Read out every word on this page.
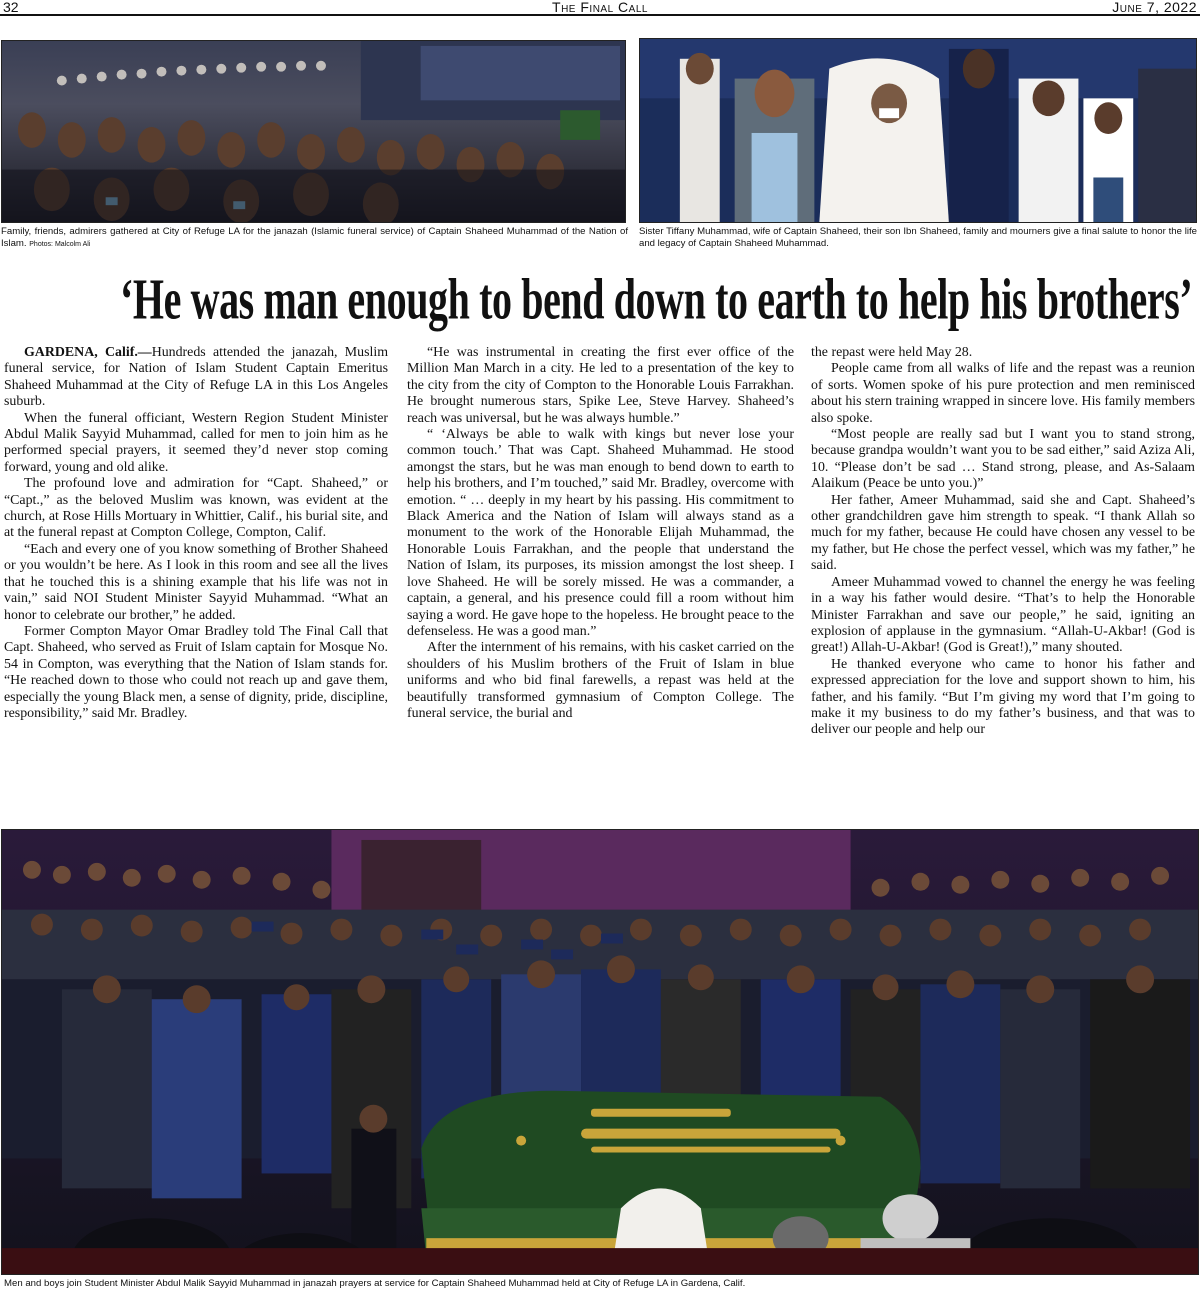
32	The Final Call	June 7, 2022
Family, friends, admirers gathered at City of Refuge LA for the janazah (Islamic funeral service) of Captain Shaheed Muhammad of the Nation of Islam. Photos: Malcolm Ali
Sister Tiffany Muhammad, wife of Captain Shaheed, their son Ibn Shaheed, family and mourners give a final salute to honor the life and legacy of Captain Shaheed Muhammad.
‘He was man enough to bend down to earth to help his brothers’

GARDENA, Calif.—Hundreds attended the janazah, Muslim funeral service, for Nation of Islam Student Captain Emeritus Shaheed Muhammad at the City of Refuge LA in this Los Angeles suburb.

When the funeral officiant, Western Region Student Minister Abdul Malik Sayyid Muhammad, called for men to join him as he performed special prayers, it seemed they’d never stop coming forward, young and old alike.

The profound love and admiration for “Capt. Shaheed,” or “Capt.,” as the beloved Muslim was known, was evident at the church, at Rose Hills Mortuary in Whittier, Calif., his burial site, and at the funeral repast at Compton College, Compton, Calif.

“Each and every one of you know something of Brother Shaheed or you wouldn’t be here. As I look in this room and see all the lives that he touched this is a shining example that his life was not in vain,” said NOI Student Minister Sayyid Muhammad. “What an honor to celebrate our brother,” he added.

Former Compton Mayor Omar Bradley told The Final Call that Capt. Shaheed, who served as Fruit of Islam captain for Mosque No. 54 in Compton, was everything that the Nation of Islam stands for. “He reached down to those who could not reach up and gave them, especially the young Black men, a sense of dignity, pride, discipline, responsibility,” said Mr. Bradley.

“He was instrumental in creating the first ever office of the Million Man March in a city. He led to a presentation of the key to the city from the city of Compton to the Honorable Louis Farrakhan. He brought numerous stars, Spike Lee, Steve Harvey. Shaheed’s reach was universal, but he was always humble.”

“ ‘Always be able to walk with kings but never lose your common touch.’ That was Capt. Shaheed Muhammad. He stood amongst the stars, but he was man enough to bend down to earth to help his brothers, and I’m touched,” said Mr. Bradley, overcome with emotion. “ … deeply in my heart by his passing. His commitment to Black America and the Nation of Islam will always stand as a monument to the work of the Honorable Elijah Muhammad, the Honorable Louis Farrakhan, and the people that understand the Nation of Islam, its purposes, its mission amongst the lost sheep. I love Shaheed. He will be sorely missed. He was a commander, a captain, a general, and his presence could fill a room without him saying a word. He gave hope to the hopeless. He brought peace to the defenseless. He was a good man.”

After the internment of his remains, with his casket carried on the shoulders of his Muslim brothers of the Fruit of Islam in blue uniforms and who bid final farewells, a repast was held at the beautifully transformed gymnasium of Compton College. The funeral service, the burial and

the repast were held May 28.

People came from all walks of life and the repast was a reunion of sorts. Women spoke of his pure protection and men reminisced about his stern training wrapped in sincere love. His family members also spoke.

“Most people are really sad but I want you to stand strong, because grandpa wouldn’t want you to be sad either,” said Aziza Ali, 10. “Please don’t be sad … Stand strong, please, and As-Salaam Alaikum (Peace be unto you.)”

Her father, Ameer Muhammad, said she and Capt. Shaheed’s other grandchildren gave him strength to speak. “I thank Allah so much for my father, because He could have chosen any vessel to be my father, but He chose the perfect vessel, which was my father,” he said.

Ameer Muhammad vowed to channel the energy he was feeling in a way his father would desire. “That’s to help the Honorable Minister Farrakhan and save our people,” he said, igniting an explosion of applause in the gymnasium. “Allah-U-Akbar! (God is great!) Allah-U-Akbar! (God is Great!),” many shouted.

He thanked everyone who came to honor his father and expressed appreciation for the love and support shown to him, his father, and his family. “But I’m giving my word that I’m going to make it my business to do my father’s business, and that was to deliver our people and help our

Men and boys join Student Minister Abdul Malik Sayyid Muhammad in janazah prayers at service for Captain Shaheed Muhammad held at City of Refuge LA in Gardena, Calif.
